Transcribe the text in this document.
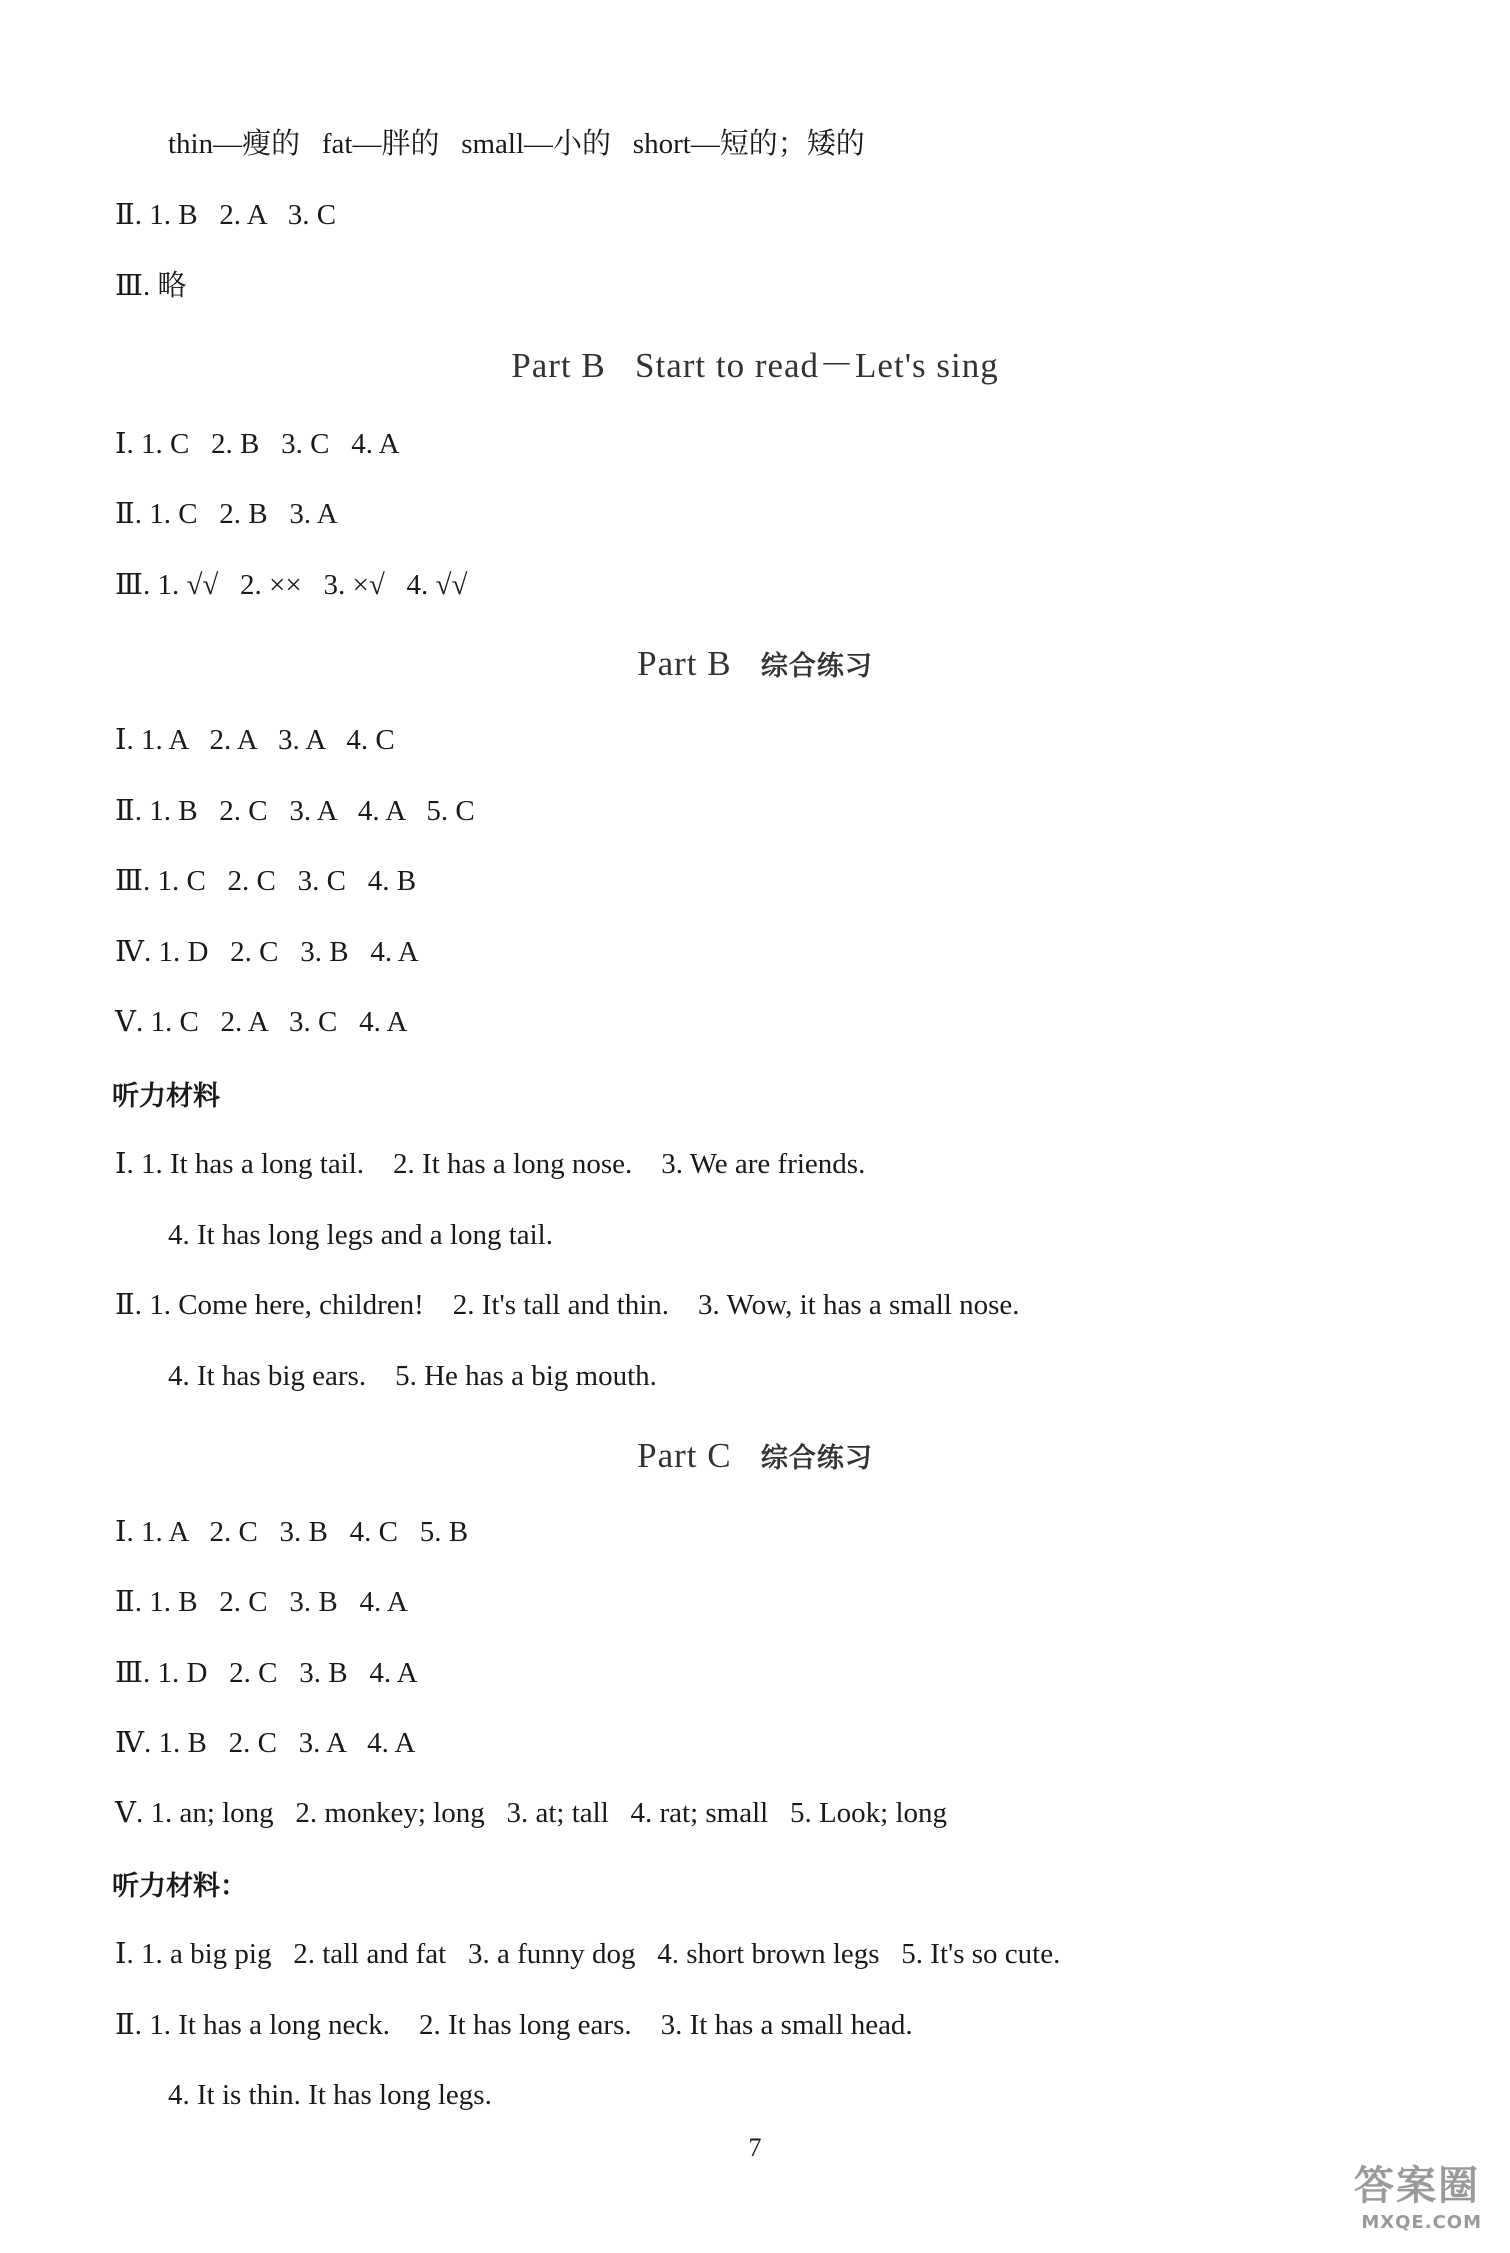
thin—瘦的   fat—胖的   small—小的   short—短的；矮的
Ⅱ. 1. B   2. A   3. C
Ⅲ. 略
Part B   Start to read－Let's sing
Ⅰ. 1. C   2. B   3. C   4. A
Ⅱ. 1. C   2. B   3. A
Ⅲ. 1. √√   2. ××   3. ×√   4. √√
Part B 综合练习
Ⅰ. 1. A   2. A   3. A   4. C
Ⅱ. 1. B   2. C   3. A   4. A   5. C
Ⅲ. 1. C   2. C   3. C   4. B
Ⅳ. 1. D   2. C   3. B   4. A
Ⅴ. 1. C   2. A   3. C   4. A
听力材料
Ⅰ. 1. It has a long tail.    2. It has a long nose.    3. We are friends.
4. It has long legs and a long tail.
Ⅱ. 1. Come here, children!    2. It's tall and thin.    3. Wow, it has a small nose.
4. It has big ears.    5. He has a big mouth.
Part C 综合练习
Ⅰ. 1. A   2. C   3. B   4. C   5. B
Ⅱ. 1. B   2. C   3. B   4. A
Ⅲ. 1. D   2. C   3. B   4. A
Ⅳ. 1. B   2. C   3. A   4. A
Ⅴ. 1. an; long   2. monkey; long   3. at; tall   4. rat; small   5. Look; long
听力材料：
Ⅰ. 1. a big pig   2. tall and fat   3. a funny dog   4. short brown legs   5. It's so cute.
Ⅱ. 1. It has a long neck.    2. It has long ears.    3. It has a small head.
4. It is thin. It has long legs.
7
答案圈
MXQE.COM
